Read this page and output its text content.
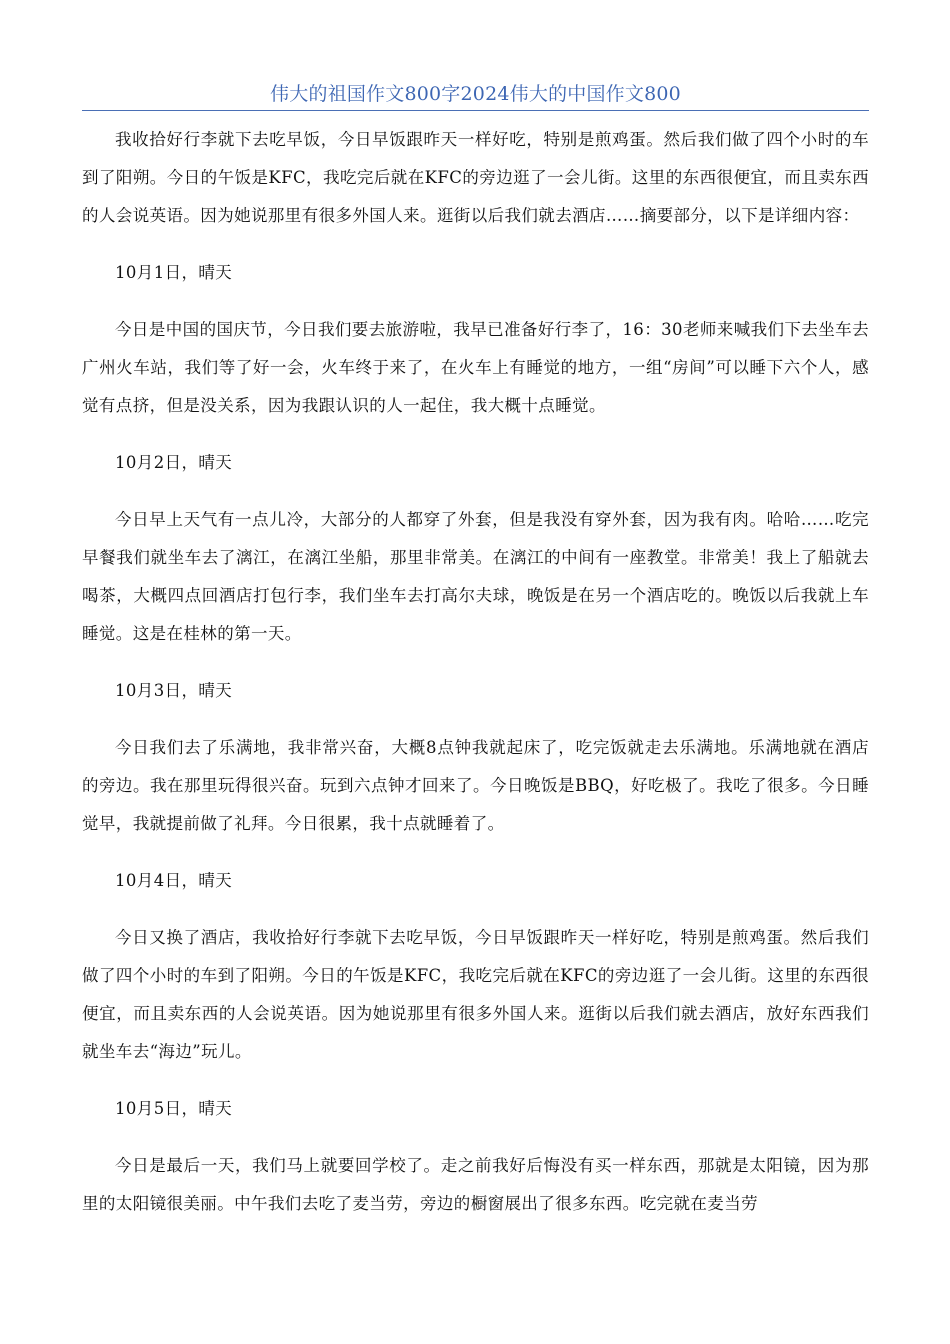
伟大的祖国作文800字2024伟大的中国作文800

我收拾好行李就下去吃早饭，今日早饭跟昨天一样好吃，特别是煎鸡蛋。然后我们做了四个小时的车到了阳朔。今日的午饭是KFC，我吃完后就在KFC的旁边逛了一会儿街。这里的东西很便宜，而且卖东西的人会说英语。因为她说那里有很多外国人来。逛街以后我们就去酒店……摘要部分，以下是详细内容：

10月1日，晴天

今日是中国的国庆节，今日我们要去旅游啦，我早已准备好行李了，16：30老师来喊我们下去坐车去广州火车站，我们等了好一会，火车终于来了，在火车上有睡觉的地方，一组“房间”可以睡下六个人，感觉有点挤，但是没关系，因为我跟认识的人一起住，我大概十点睡觉。

10月2日，晴天

今日早上天气有一点儿冷，大部分的人都穿了外套，但是我没有穿外套，因为我有肉。哈哈……吃完早餐我们就坐车去了漓江，在漓江坐船，那里非常美。在漓江的中间有一座教堂。非常美！我上了船就去喝茶，大概四点回酒店打包行李，我们坐车去打高尔夫球，晚饭是在另一个酒店吃的。晚饭以后我就上车睡觉。这是在桂林的第一天。

10月3日，晴天

今日我们去了乐满地，我非常兴奋，大概8点钟我就起床了，吃完饭就走去乐满地。乐满地就在酒店的旁边。我在那里玩得很兴奋。玩到六点钟才回来了。今日晚饭是BBQ，好吃极了。我吃了很多。今日睡觉早，我就提前做了礼拜。今日很累，我十点就睡着了。

10月4日，晴天

今日又换了酒店，我收拾好行李就下去吃早饭，今日早饭跟昨天一样好吃，特别是煎鸡蛋。然后我们做了四个小时的车到了阳朔。今日的午饭是KFC，我吃完后就在KFC的旁边逛了一会儿街。这里的东西很便宜，而且卖东西的人会说英语。因为她说那里有很多外国人来。逛街以后我们就去酒店，放好东西我们就坐车去“海边”玩儿。

10月5日，晴天

今日是最后一天，我们马上就要回学校了。走之前我好后悔没有买一样东西，那就是太阳镜，因为那里的太阳镜很美丽。中午我们去吃了麦当劳，旁边的橱窗展出了很多东西。吃完就在麦当劳
